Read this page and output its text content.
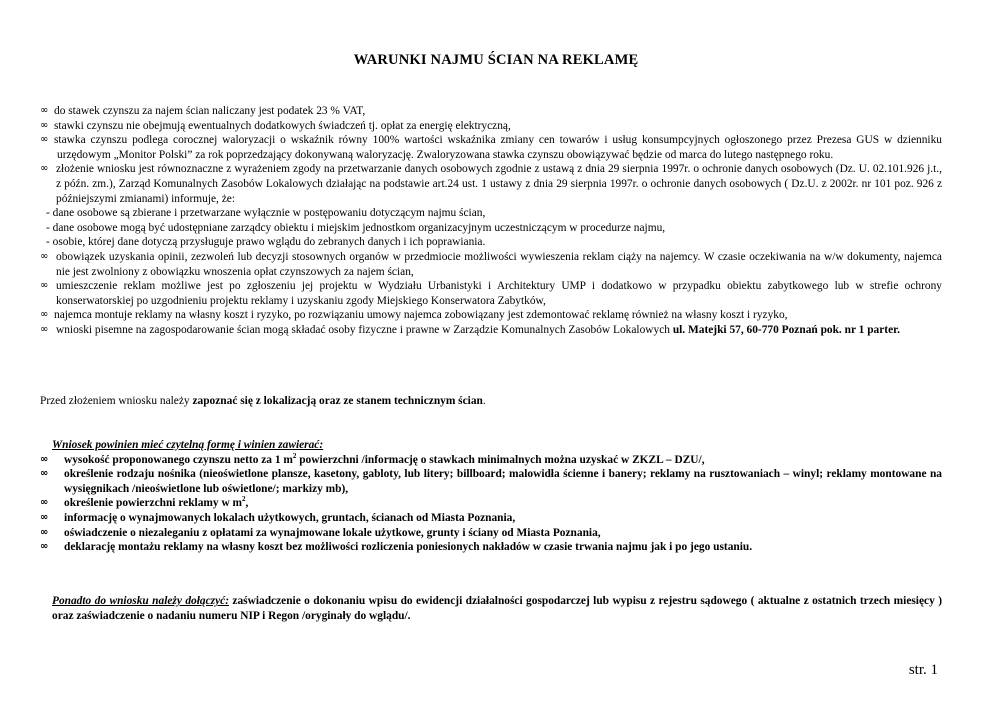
WARUNKI NAJMU ŚCIAN NA REKLAMĘ
∞ do stawek czynszu za najem ścian naliczany jest podatek 23 % VAT,
∞ stawki czynszu nie obejmują ewentualnych dodatkowych świadczeń tj. opłat za energię elektryczną,
∞ stawka czynszu podlega corocznej waloryzacji o wskaźnik równy 100% wartości wskaźnika zmiany cen towarów i usług konsumpcyjnych ogłoszonego przez Prezesa GUS w dzienniku urzędowym „Monitor Polski” za rok poprzedzający dokonywaną waloryzację. Zwaloryzowana stawka czynszu obowiązywać będzie od marca do lutego następnego roku.
∞ złożenie wniosku jest równoznaczne z wyrażeniem zgody na przetwarzanie danych osobowych zgodnie z ustawą z dnia 29 sierpnia 1997r. o ochronie danych osobowych (Dz. U. 02.101.926 j.t., z późn. zm.), Zarząd Komunalnych Zasobów Lokalowych działając na podstawie art.24 ust. 1 ustawy z dnia 29 sierpnia 1997r. o ochronie danych osobowych ( Dz.U. z 2002r. nr 101 poz. 926 z późniejszymi zmianami) informuje, że:
- dane osobowe są zbierane i przetwarzane wyłącznie w postępowaniu dotyczącym najmu ścian,
- dane osobowe mogą być udostępniane zarządcy obiektu i miejskim jednostkom organizacyjnym uczestniczącym w procedurze najmu,
- osobie, której dane dotyczą przysługuje prawo wglądu do zebranych danych i ich poprawiania.
∞ obowiązek uzyskania opinii, zezwoleń lub decyzji stosownych organów w przedmiocie możliwości wywieszenia reklam ciąży na najemcy. W czasie oczekiwania na w/w dokumenty, najemca nie jest zwolniony z obowiązku wnoszenia opłat czynszowych za najem ścian,
∞ umieszczenie reklam możliwe jest po zgłoszeniu jej projektu w Wydziału Urbanistyki i Architektury UMP i dodatkowo w przypadku obiektu zabytkowego lub w strefie ochrony konserwatorskiej po uzgodnieniu projektu reklamy i uzyskaniu zgody Miejskiego Konserwatora Zabytków,
∞ najemca montuje reklamy na własny koszt i ryzyko, po rozwiązaniu umowy najemca zobowiązany jest zdemontować reklamę również na własny koszt i ryzyko,
∞ wnioski pisemne na zagospodarowanie ścian mogą składać osoby fizyczne i prawne w Zarządzie Komunalnych Zasobów Lokalowych ul. Matejki 57, 60-770 Poznań pok. nr 1 parter.
Przed złożeniem wniosku należy zapoznać się z lokalizacją oraz ze stanem technicznym ścian.
Wniosek powinien mieć czytelną formę i winien zawierać:
∞	wysokość proponowanego czynszu netto za 1 $m^2$ powierzchni /informację o stawkach minimalnych można uzyskać w ZKZL – DZU/,
∞	określenie rodzaju nośnika (nieoświetlone plansze, kasetony, gabloty, lub litery; billboard; malowidła ścienne i banery; reklamy na rusztowaniach – winyl; reklamy montowane na wysięgnikach /nieoświetlone lub oświetlone/; markizy mb),
∞	określenie powierzchni reklamy w $m^2$,
∞	informację o wynajmowanych lokalach użytkowych, gruntach, ścianach od Miasta Poznania,
∞	oświadczenie o niezaleganiu z opłatami za wynajmowane lokale użytkowe, grunty i ściany od Miasta Poznania,
∞	deklarację montażu reklamy na własny koszt bez możliwości rozliczenia poniesionych nakładów w czasie trwania najmu jak i po jego ustaniu.
Ponadto do wniosku należy dołączyć: zaświadczenie o dokonaniu wpisu do ewidencji działalności gospodarczej lub wypisu z rejestru sądowego ( aktualne z ostatnich trzech miesięcy ) oraz zaświadczenie o nadaniu numeru NIP i Regon /oryginały do wglądu/.
str. 1
